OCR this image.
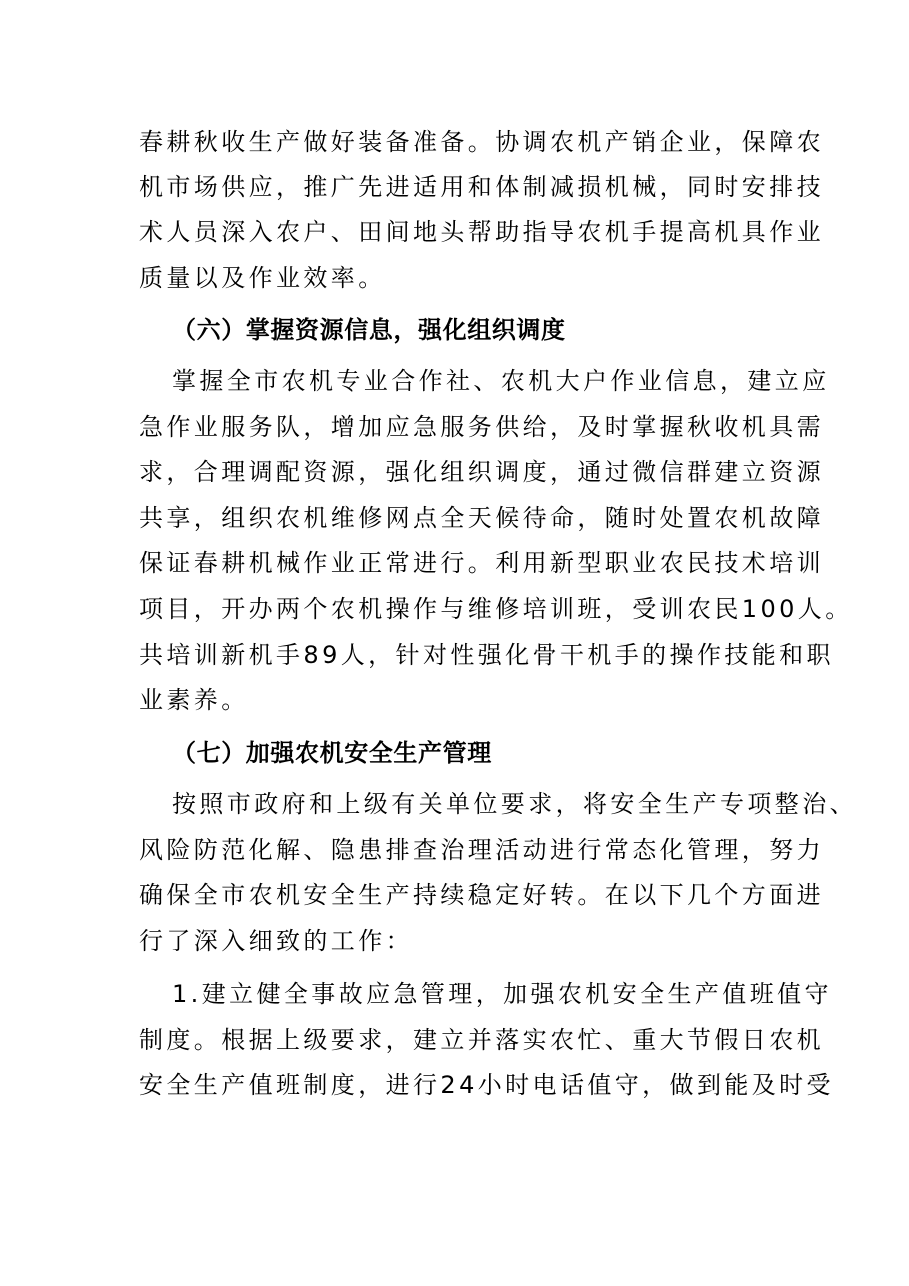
春耕秋收生产做好装备准备。协调农机产销企业，保障农
机市场供应，推广先进适用和体制减损机械，同时安排技
术人员深入农户、田间地头帮助指导农机手提高机具作业
质量以及作业效率。
（六）掌握资源信息，强化组织调度
掌握全市农机专业合作社、农机大户作业信息，建立应
急作业服务队，增加应急服务供给，及时掌握秋收机具需
求，合理调配资源，强化组织调度，通过微信群建立资源
共享，组织农机维修网点全天候待命，随时处置农机故障
保证春耕机械作业正常进行。利用新型职业农民技术培训
项目，开办两个农机操作与维修培训班，受训农民100人。
共培训新机手89人，针对性强化骨干机手的操作技能和职
业素养。
（七）加强农机安全生产管理
按照市政府和上级有关单位要求，将安全生产专项整治、
风险防范化解、隐患排查治理活动进行常态化管理，努力
确保全市农机安全生产持续稳定好转。在以下几个方面进
行了深入细致的工作：
1.建立健全事故应急管理，加强农机安全生产值班值守
制度。根据上级要求，建立并落实农忙、重大节假日农机
安全生产值班制度，进行24小时电话值守，做到能及时受
